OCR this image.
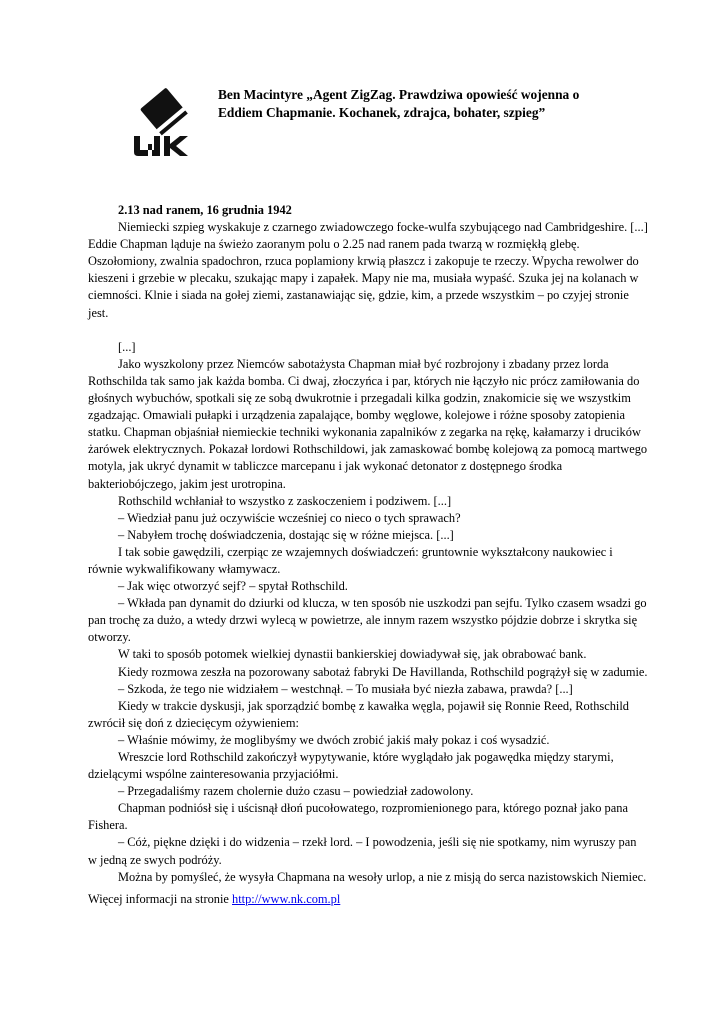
Ben Macintyre „Agent ZigZag. Prawdziwa opowieść wojenna o
Eddiem Chapmanie. Kochanek, zdrajca, bohater, szpieg”

2.13 nad ranem, 16 grudnia 1942

Niemiecki szpieg wyskakuje z czarnego zwiadowczego focke-wulfa szybującego nad Cambridgeshire. [...] Eddie Chapman ląduje na świeżo zaoranym polu o 2.25 nad ranem pada twarzą w rozmiękłą glebę. Oszołomiony, zwalnia spadochron, rzuca poplamiony krwią płaszcz i zakopuje te rzeczy. Wpycha rewolwer do kieszeni i grzebie w plecaku, szukając mapy i zapałek. Mapy nie ma, musiała wypaść. Szuka jej na kolanach w ciemności. Klnie i siada na gołej ziemi, zastanawiając się, gdzie, kim, a przede wszystkim – po czyjej stronie jest.

[...]

Jako wyszkolony przez Niemców sabotażysta Chapman miał być rozbrojony i zbadany przez lorda Rothschilda tak samo jak każda bomba. Ci dwaj, złoczyńca i par, których nie łączyło nic prócz zamiłowania do głośnych wybuchów, spotkali się ze sobą dwukrotnie i przegadali kilka godzin, znakomicie się we wszystkim zgadzając. Omawiali pułapki i urządzenia zapalające, bomby węglowe, kolejowe i różne sposoby zatopienia statku. Chapman objaśniał niemieckie techniki wykonania zapalników z zegarka na rękę, kałamarzy i drucików żarówek elektrycznych. Pokazał lordowi Rothschildowi, jak zamaskować bombę kolejową za pomocą martwego motyla, jak ukryć dynamit w tabliczce marcepanu i jak wykonać detonator z dostępnego środka bakteriobójczego, jakim jest urotropina.

Rothschild wchłaniał to wszystko z zaskoczeniem i podziwem. [...]

– Wiedział panu już oczywiście wcześniej co nieco o tych sprawach?

– Nabyłem trochę doświadczenia, dostając się w różne miejsca. [...]

I tak sobie gawędzili, czerpiąc ze wzajemnych doświadczeń: gruntownie wykształcony naukowiec i równie wykwalifikowany włamywacz.

– Jak więc otworzyć sejf? – spytał Rothschild.

– Wkłada pan dynamit do dziurki od klucza, w ten sposób nie uszkodzi pan sejfu. Tylko czasem wsadzi go pan trochę za dużo, a wtedy drzwi wylecą w powietrze, ale innym razem wszystko pójdzie dobrze i skrytka się otworzy.

W taki to sposób potomek wielkiej dynastii bankierskiej dowiadywał się, jak obrabować bank.

Kiedy rozmowa zeszła na pozorowany sabotaż fabryki De Havillanda, Rothschild pogrążył się w zadumie.

– Szkoda, że tego nie widziałem – westchnął. – To musiała być niezła zabawa, prawda? [...]

Kiedy w trakcie dyskusji, jak sporządzić bombę z kawałka węgla, pojawił się Ronnie Reed, Rothschild zwrócił się doń z dziecięcym ożywieniem:

– Właśnie mówimy, że moglibyśmy we dwóch zrobić jakiś mały pokaz i coś wysadzić.

Wreszcie lord Rothschild zakończył wypytywanie, które wyglądało jak pogawędka między starymi, dzielącymi wspólne zainteresowania przyjaciółmi.

– Przegadaliśmy razem cholernie dużo czasu – powiedział zadowolony.

Chapman podniósł się i uścisnął dłoń pucołowatego, rozpromienionego para, którego poznał jako pana Fishera.

– Cóż, piękne dzięki i do widzenia – rzekł lord. – I powodzenia, jeśli się nie spotkamy, nim wyruszy pan w jedną ze swych podróży.

Można by pomyśleć, że wysyła Chapmana na wesoły urlop, a nie z misją do serca nazistowskich Niemiec.

Więcej informacji na stronie http://www.nk.com.pl
